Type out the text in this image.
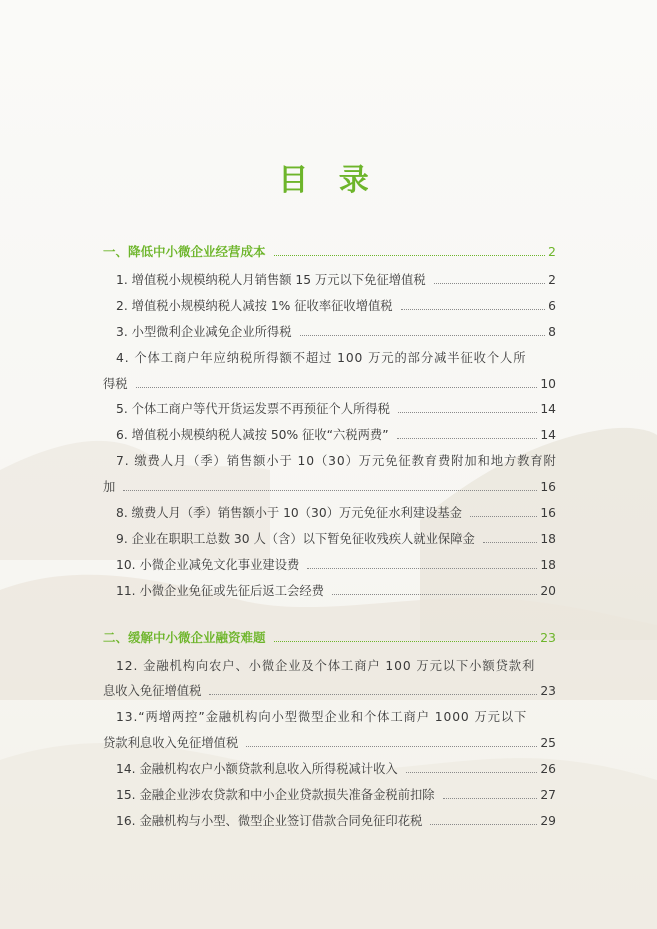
目 录
一、降低中小微企业经营成本	2
1. 增值税小规模纳税人月销售额 15 万元以下免征增值税	2
2. 增值税小规模纳税人减按 1% 征收率征收增值税	6
3. 小型微利企业减免企业所得税	8
4. 个体工商户年应纳税所得额不超过 100 万元的部分减半征收个人所
得税	10
5. 个体工商户等代开货运发票不再预征个人所得税	14
6. 增值税小规模纳税人减按 50% 征收“六税两费”	14
7. 缴费人月（季）销售额小于 10（30）万元免征教育费附加和地方教育附
加	16
8. 缴费人月（季）销售额小于 10（30）万元免征水利建设基金	16
9. 企业在职职工总数 30 人（含）以下暂免征收残疾人就业保障金	18
10. 小微企业减免文化事业建设费	18
11. 小微企业免征或先征后返工会经费	20
二、缓解中小微企业融资难题	23
12. 金融机构向农户、小微企业及个体工商户 100 万元以下小额贷款利
息收入免征增值税	23
13.“两增两控”金融机构向小型微型企业和个体工商户 1000 万元以下
贷款利息收入免征增值税	25
14. 金融机构农户小额贷款利息收入所得税减计收入	26
15. 金融企业涉农贷款和中小企业贷款损失准备金税前扣除	27
16. 金融机构与小型、微型企业签订借款合同免征印花税	29
